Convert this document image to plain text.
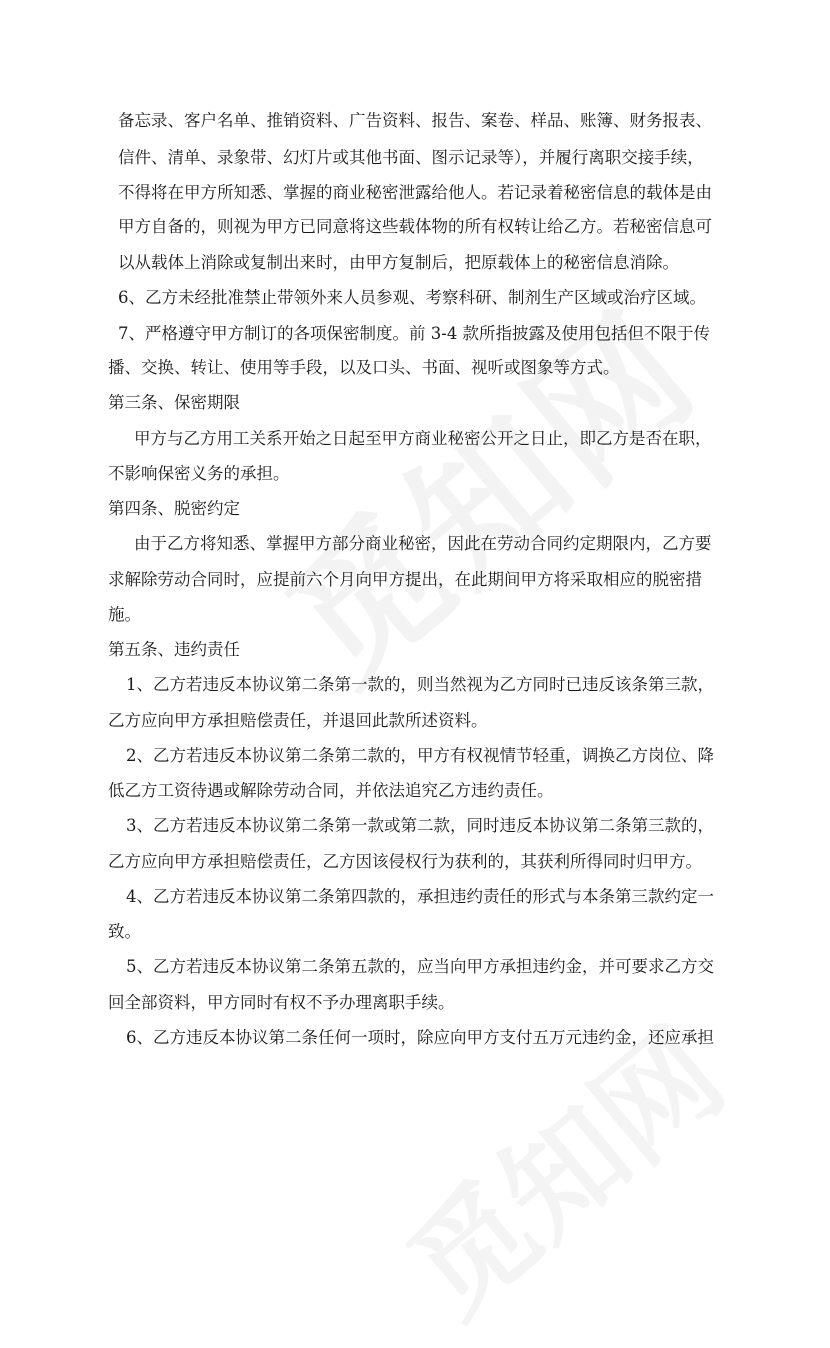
备忘录、客户名单、推销资料、广告资料、报告、案卷、样品、账簿、财务报表、

信件、清单、录象带、幻灯片或其他书面、图示记录等），并履行离职交接手续，

不得将在甲方所知悉、掌握的商业秘密泄露给他人。若记录着秘密信息的载体是由

甲方自备的，则视为甲方已同意将这些载体物的所有权转让给乙方。若秘密信息可

以从载体上消除或复制出来时，由甲方复制后，把原载体上的秘密信息消除。

6、乙方未经批准禁止带领外来人员参观、考察科研、制剂生产区域或治疗区域。

7、严格遵守甲方制订的各项保密制度。前 3-4 款所指披露及使用包括但不限于传

播、交换、转让、使用等手段，以及口头、书面、视听或图象等方式。

第三条、保密期限

甲方与乙方用工关系开始之日起至甲方商业秘密公开之日止，即乙方是否在职，

不影响保密义务的承担。

第四条、脱密约定

由于乙方将知悉、掌握甲方部分商业秘密，因此在劳动合同约定期限内，乙方要

求解除劳动合同时，应提前六个月向甲方提出，在此期间甲方将采取相应的脱密措

施。

第五条、违约责任

1、乙方若违反本协议第二条第一款的，则当然视为乙方同时已违反该条第三款，

乙方应向甲方承担赔偿责任，并退回此款所述资料。

2、乙方若违反本协议第二条第二款的，甲方有权视情节轻重，调换乙方岗位、降

低乙方工资待遇或解除劳动合同，并依法追究乙方违约责任。

3、乙方若违反本协议第二条第一款或第二款，同时违反本协议第二条第三款的，

乙方应向甲方承担赔偿责任，乙方因该侵权行为获利的，其获利所得同时归甲方。

4、乙方若违反本协议第二条第四款的，承担违约责任的形式与本条第三款约定一

致。

5、乙方若违反本协议第二条第五款的，应当向甲方承担违约金，并可要求乙方交

回全部资料，甲方同时有权不予办理离职手续。

6、乙方违反本协议第二条任何一项时，除应向甲方支付五万元违约金，还应承担
